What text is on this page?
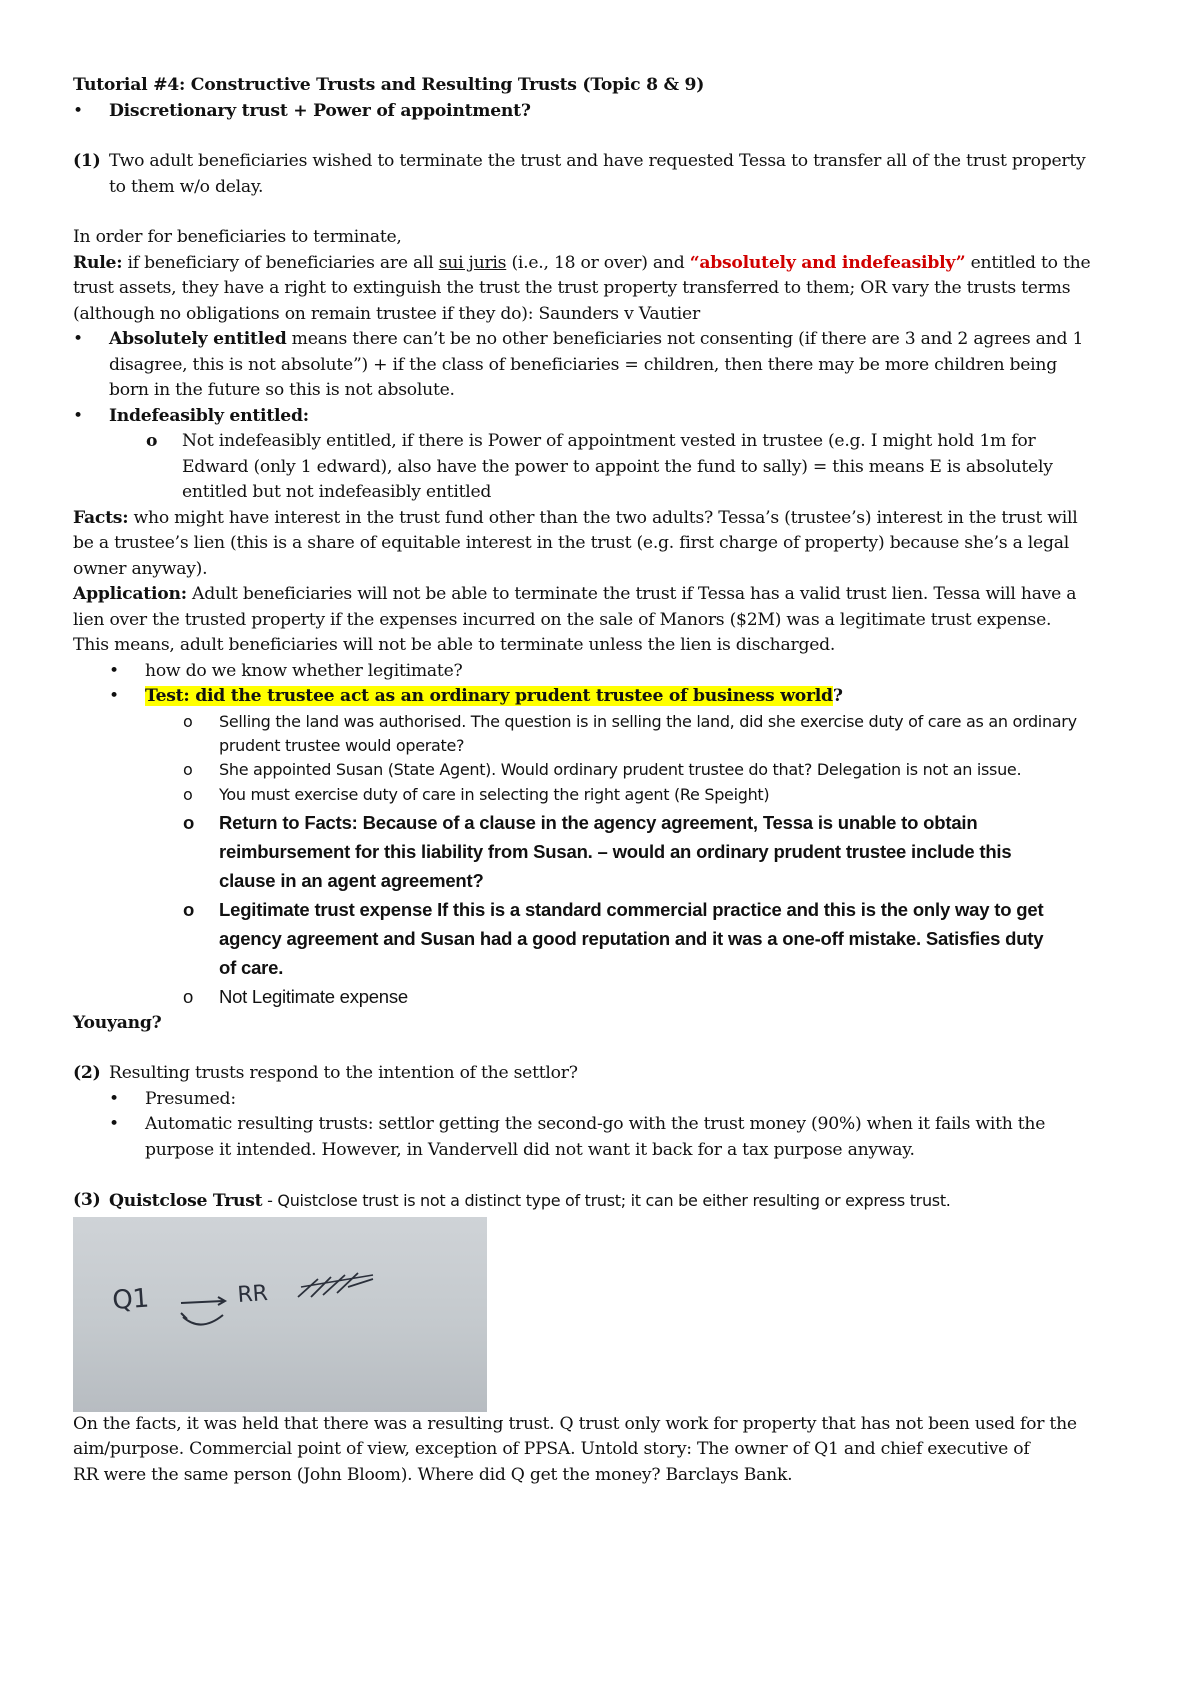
Tutorial #4: Constructive Trusts and Resulting Trusts (Topic 8 & 9)

• Discretionary trust + Power of appointment?

(1) Two adult beneficiaries wished to terminate the trust and have requested Tessa to transfer all of the trust property

to them w/o delay.

In order for beneficiaries to terminate,

Rule: if beneficiary of beneficiaries are all sui juris (i.e., 18 or over) and “absolutely and indefeasibly” entitled to the

trust assets, they have a right to extinguish the trust the trust property transferred to them; OR vary the trusts terms

(although no obligations on remain trustee if they do): Saunders v Vautier

• Absolutely entitled means there can’t be no other beneficiaries not consenting (if there are 3 and 2 agrees and 1

disagree, this is not absolute”) + if the class of beneficiaries = children, then there may be more children being

born in the future so this is not absolute.

• Indefeasibly entitled:

o Not indefeasibly entitled, if there is Power of appointment vested in trustee (e.g. I might hold 1m for

Edward (only 1 edward), also have the power to appoint the fund to sally) = this means E is absolutely

entitled but not indefeasibly entitled

Facts: who might have interest in the trust fund other than the two adults? Tessa’s (trustee’s) interest in the trust will

be a trustee’s lien (this is a share of equitable interest in the trust (e.g. first charge of property) because she’s a legal

owner anyway).

Application: Adult beneficiaries will not be able to terminate the trust if Tessa has a valid trust lien. Tessa will have a

lien over the trusted property if the expenses incurred on the sale of Manors ($2M) was a legitimate trust expense.

This means, adult beneficiaries will not be able to terminate unless the lien is discharged.

• how do we know whether legitimate?

• Test: did the trustee act as an ordinary prudent trustee of business world?

o Selling the land was authorised. The question is in selling the land, did she exercise duty of care as an ordinary

prudent trustee would operate?

o She appointed Susan (State Agent). Would ordinary prudent trustee do that? Delegation is not an issue.

o You must exercise duty of care in selecting the right agent (Re Speight)

o Return to Facts: Because of a clause in the agency agreement, Tessa is unable to obtain

reimbursement for this liability from Susan. – would an ordinary prudent trustee include this

clause in an agent agreement?

o Legitimate trust expense If this is a standard commercial practice and this is the only way to get

agency agreement and Susan had a good reputation and it was a one-off mistake. Satisfies duty

of care.

o Not Legitimate expense

Youyang?

(2) Resulting trusts respond to the intention of the settlor?

• Presumed:

• Automatic resulting trusts: settlor getting the second-go with the trust money (90%) when it fails with the

purpose it intended. However, in Vandervell did not want it back for a tax purpose anyway.

(3) Quistclose Trust - Quistclose trust is not a distinct type of trust; it can be either resulting or express trust.

Q1	RR

On the facts, it was held that there was a resulting trust. Q trust only work for property that has not been used for the

aim/purpose. Commercial point of view, exception of PPSA. Untold story: The owner of Q1 and chief executive of

RR were the same person (John Bloom). Where did Q get the money? Barclays Bank.
